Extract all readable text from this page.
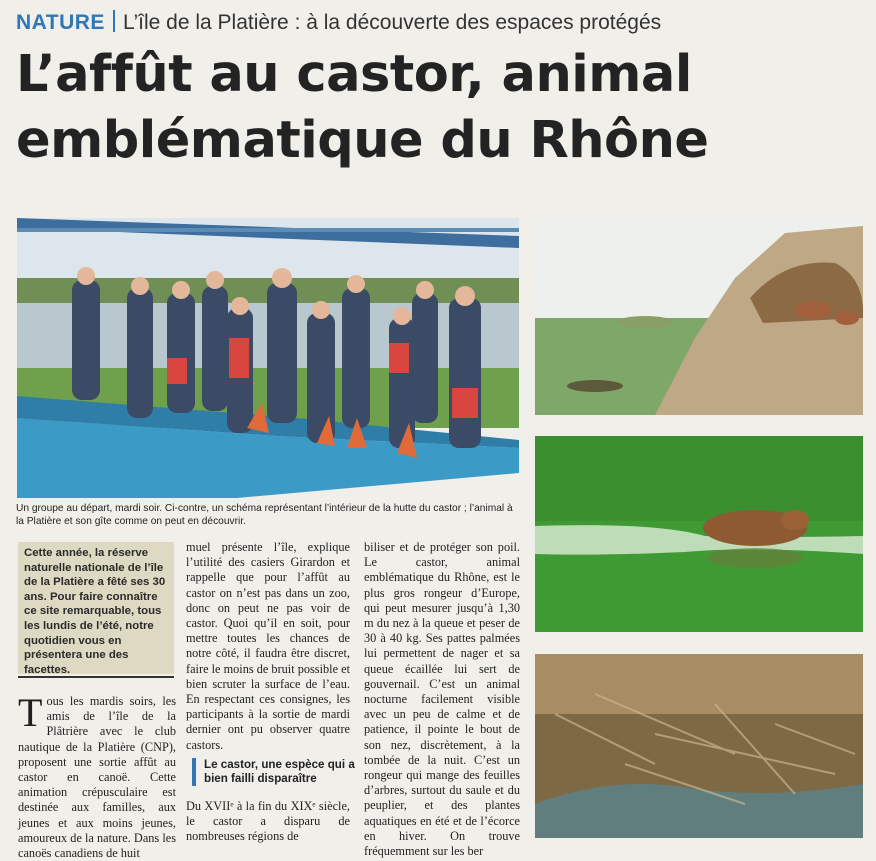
NATURE L’île de la Platière : à la découverte des espaces protégés
L’affût au castor, animal
emblématique du Rhône
Un groupe au départ, mardi soir. Ci-contre, un schéma représentant l’intérieur de la hutte du castor ; l’animal à la Platière et son gîte comme on peut en découvrir.
Cette année, la réserve naturelle nationale de l’île de la Platière a fêté ses 30 ans. Pour faire connaître ce site remarquable, tous les lundis de l’été, notre quotidien vous en présentera une des facettes.
Tous les mardis soirs, les amis de l’île de la Plâtrière avec le club nautique de la Platière (CNP), proposent une sortie affût au castor en canoë. Cette animation crépusculaire est destinée aux familles, aux jeunes et aux moins jeunes, amoureux de la nature. Dans les canoës canadiens de huit
muel présente l’île, explique l’utilité des casiers Girardon et rappelle que pour l’affût au castor on n’est pas dans un zoo, donc on peut ne pas voir de castor. Quoi qu’il en soit, pour mettre toutes les chances de notre côté, il faudra être discret, faire le moins de bruit possible et bien scruter la surface de l’eau. En respectant ces consignes, les participants à la sortie de mardi dernier ont pu observer quatre castors.
Le castor, une espèce qui a bien failli disparaître
Du XVIIᵉ à la fin du XIXᵉ siècle, le castor a disparu de nombreuses régions de
biliser et de protéger son poil. Le castor, animal emblématique du Rhône, est le plus gros rongeur d’Europe, qui peut mesurer jusqu’à 1,30 m du nez à la queue et peser de 30 à 40 kg. Ses pattes palmées lui permettent de nager et sa queue écaillée lui sert de gouvernail. C’est un animal nocturne facilement visible avec un peu de calme et de patience, il pointe le bout de son nez, discrètement, à la tombée de la nuit. C’est un rongeur qui mange des feuilles d’arbres, surtout du saule et du peuplier, et des plantes aquatiques en été et de l’écorce en hiver. On trouve fréquemment sur les ber
